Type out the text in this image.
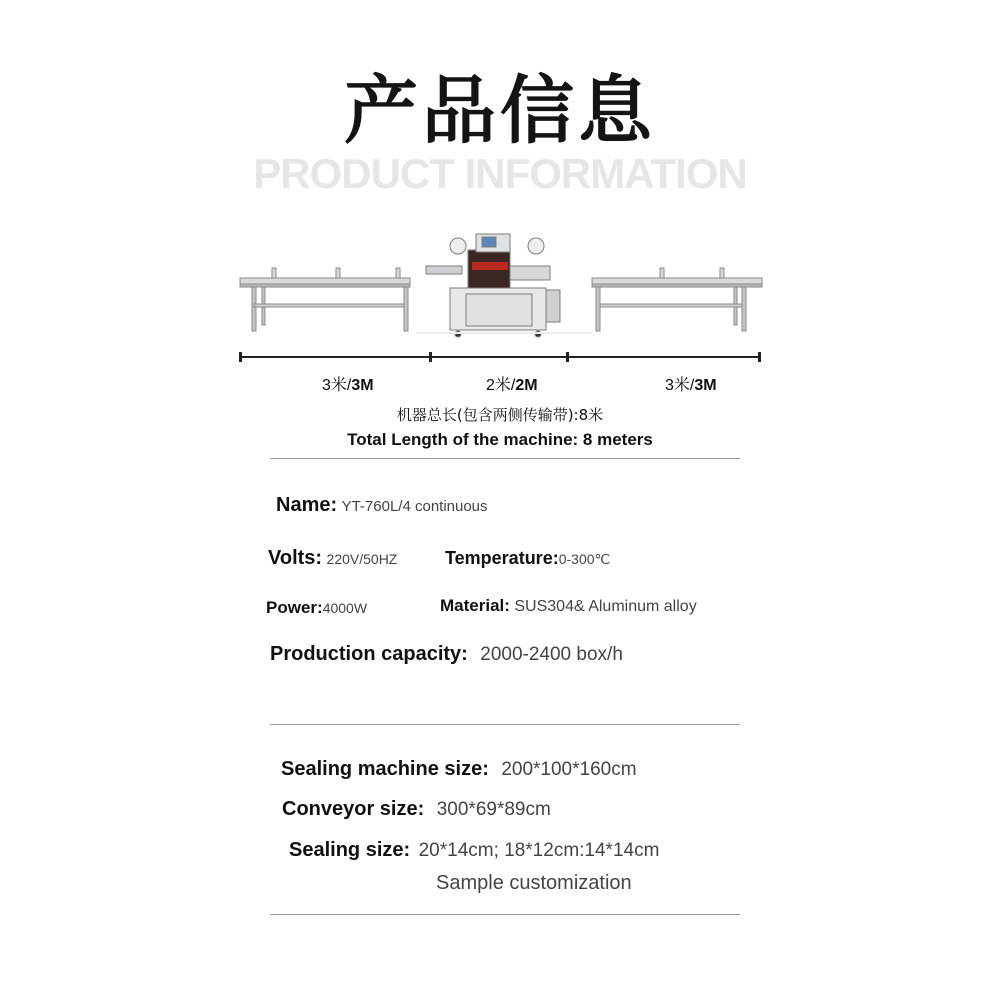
产品信息
PRODUCT INFORMATION
3米/3M	2米/2M	3米/3M
机器总长(包含两侧传输带):8米
Total Length of the machine: 8 meters
Name: YT-760L/4 continuous
Volts: 220V/50HZ	Temperature:0-300℃
Power:4000W	Material: SUS304& Aluminum alloy
Production capacity: 2000-2400 box/h
Sealing machine size: 200*100*160cm
Conveyor size: 300*69*89cm
Sealing size: 20*14cm; 18*12cm:14*14cm
Sample customization
